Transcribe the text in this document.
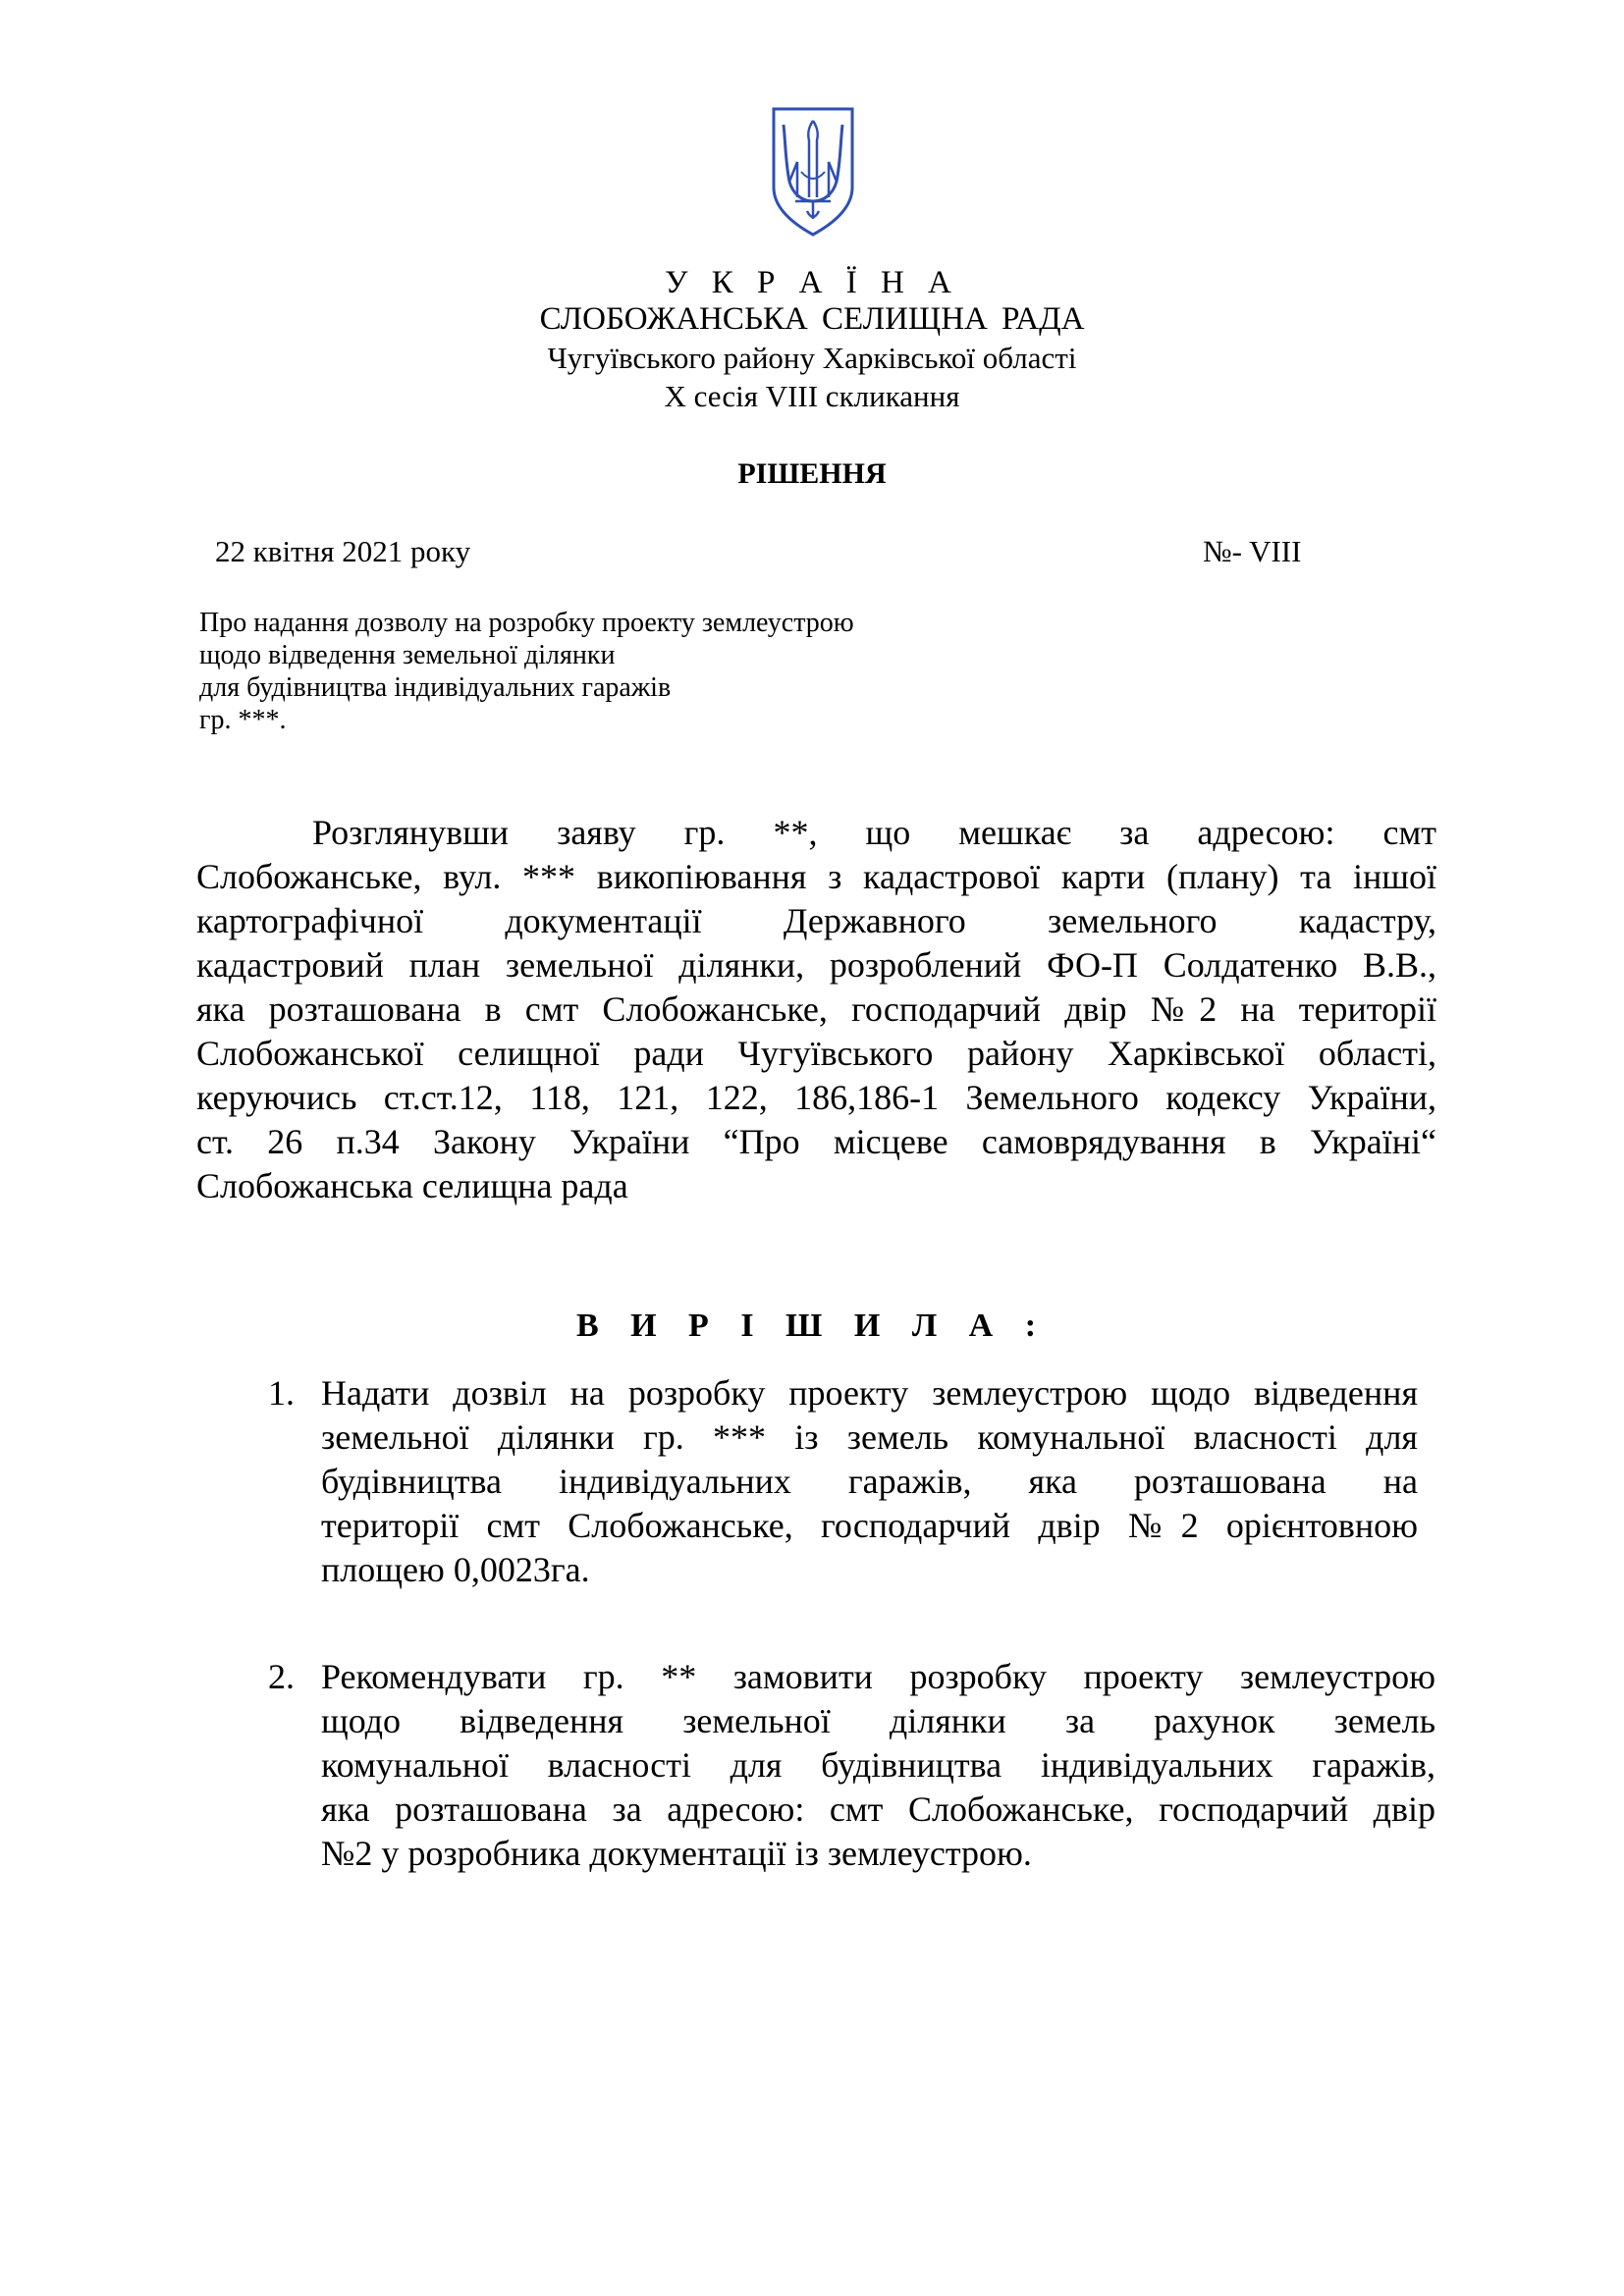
У К Р А Ї Н А
СЛОБОЖАНСЬКА СЕЛИЩНА РАДА
Чугуївського району Харківської області
X сесія VIII скликання
РІШЕННЯ
22 квітня 2021 року	№- VIII
Про надання дозволу на розробку проекту землеустрою
щодо відведення земельної ділянки
для будівництва індивідуальних гаражів
гр. ***.
Розглянувши заяву гр. **, що мешкає за адресою: смт
Слобожанське, вул. *** викопіювання з кадастрової карти (плану) та іншої
картографічної документації Державного земельного кадастру,
кадастровий план земельної ділянки, розроблений ФО-П Солдатенко В.В.,
яка розташована в смт Слобожанське, господарчий двір №2 на території
Слобожанської селищної ради Чугуївського району Харківської області,
керуючись ст.ст.12, 118, 121, 122, 186,186-1 Земельного кодексу України,
ст. 26 п.34 Закону України “Про місцеве самоврядування в Україні“
Слобожанська селищна рада
В И Р І Ш И Л А :
1. Надати дозвіл на розробку проекту землеустрою щодо відведення
земельної ділянки гр. *** із земель комунальної власності для
будівництва індивідуальних гаражів, яка розташована на
території смт Слобожанське, господарчий двір №2 орієнтовною
площею 0,0023га.
2. Рекомендувати гр. ** замовити розробку проекту землеустрою
щодо відведення земельної ділянки за рахунок земель
комунальної власності для будівництва індивідуальних гаражів,
яка розташована за адресою: смт Слобожанське, господарчий двір
№2 у розробника документації із землеустрою.
